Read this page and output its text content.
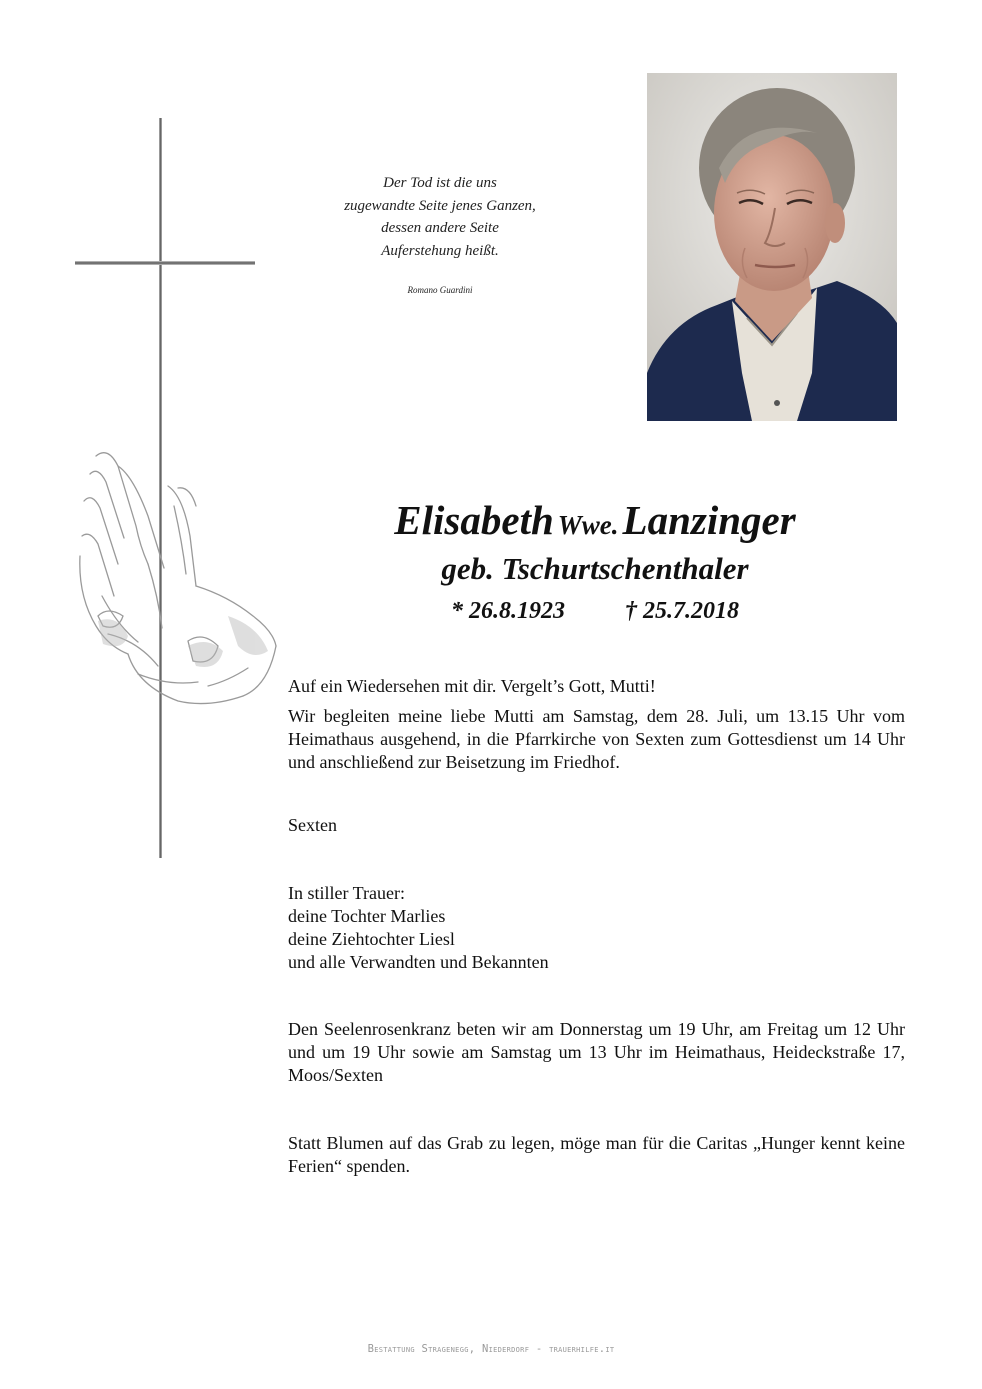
Der Tod ist die uns
zugewandte Seite jenes Ganzen,
dessen andere Seite
Auferstehung heißt.
Romano Guardini
Elisabeth Wwe. Lanzinger
geb. Tschurtschenthaler
* 26.8.1923	† 25.7.2018
Auf ein Wiedersehen mit dir. Vergelt’s Gott, Mutti!
Wir begleiten meine liebe Mutti am Samstag, dem 28. Juli, um 13.15 Uhr vom Heimathaus ausgehend, in die Pfarrkirche von Sexten zum Gottesdienst um 14 Uhr und anschließend zur Beisetzung im Friedhof.
Sexten
In stiller Trauer:
deine Tochter Marlies
deine Ziehtochter Liesl
und alle Verwandten und Bekannten
Den Seelenrosenkranz beten wir am Donnerstag um 19 Uhr, am Freitag um 12 Uhr und um 19 Uhr sowie am Samstag um 13 Uhr im Heimathaus, Heideckstraße 17, Moos/Sexten
Statt Blumen auf das Grab zu legen, möge man für die Caritas „Hunger kennt keine Ferien“ spenden.
Bestattung Stragenegg, Niederdorf - trauerhilfe.it
